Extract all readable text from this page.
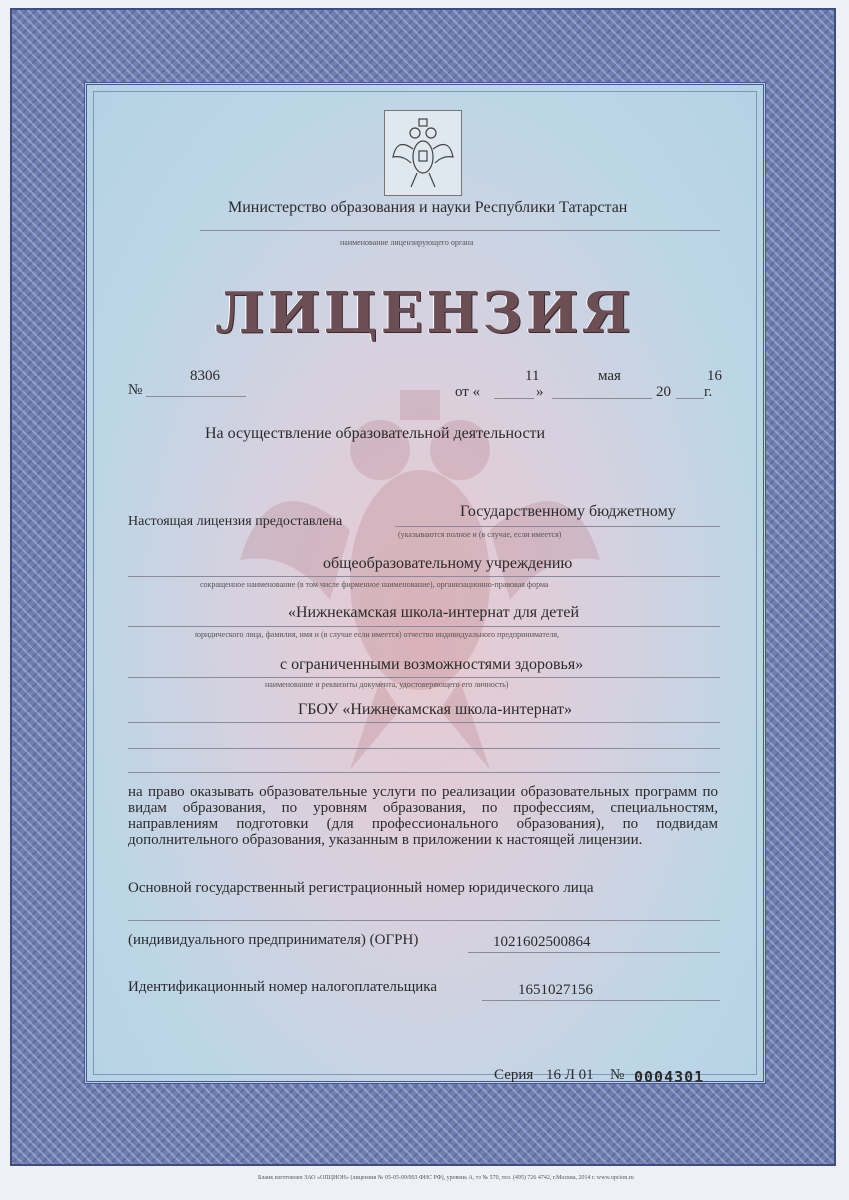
Министерство образования и науки Республики Татарстан
наименование лицензирующего органа
ЛИЦЕНЗИЯ
№
8306
от «
11
»
мая
20
16
г.
На осуществление образовательной деятельности
Настоящая лицензия предоставлена
Государственному бюджетному
(указываются полное и (в случае, если имеется)
общеобразовательному учреждению
сокращенное наименование (в том числе фирменное наименование), организационно-правовая форма
«Нижнекамская школа-интернат для детей
юридического лица, фамилия, имя и (в случае если имеется) отчество индивидуального предпринимателя,
с ограниченными возможностями здоровья»
наименование и реквизиты документа, удостоверяющего его личность)
ГБОУ «Нижнекамская школа-интернат»
на право оказывать образовательные услуги по реализации образовательных программ по видам образования, по уровням образования, по профессиям, специальностям, направлениям подготовки (для профессионального образования), по подвидам дополнительного образования, указанным в приложении к настоящей лицензии.
Основной государственный регистрационный номер юридического лица
(индивидуального предпринимателя) (ОГРН)	1021602500864
Идентификационный номер налогоплательщика	1651027156
Серия 16 Л 01 № 0004301
Бланк изготовлен ЗАО «ОПЦИОН» (лицензия № 05-05-09/003 ФНС РФ), уровень А, тз № 570, тел. (495) 726 4742, г.Москва, 2014 г. www.opcion.ru
